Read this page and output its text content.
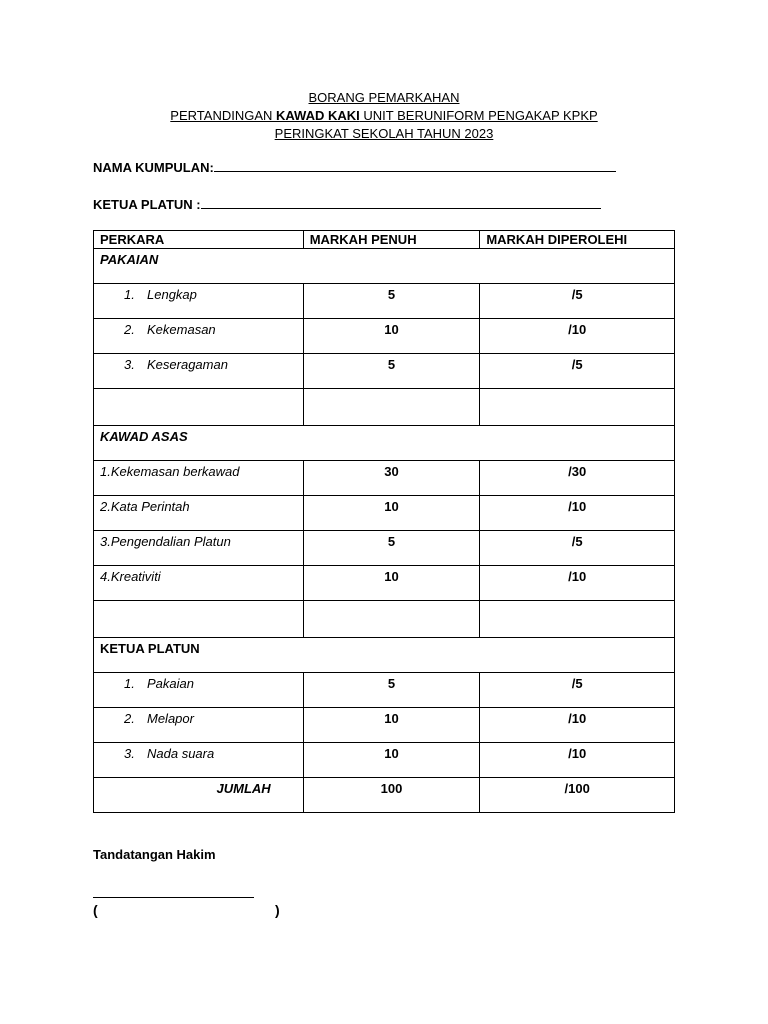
BORANG PEMARKAHAN
PERTANDINGAN KAWAD KAKI UNIT BERUNIFORM PENGAKAP KPKP
PERINGKAT SEKOLAH TAHUN 2023
NAMA KUMPULAN:
KETUA PLATUN :
PERKARA	MARKAH PENUH	MARKAH DIPEROLEHI

PAKAIAN		

1. Lengkap	5	/5

2. Kekemasan	10	/10

3. Keseragaman	5	/5

KAWAD ASAS		

1.Kekemasan berkawad	30	/30

2.Kata Perintah	10	/10

3.Pengendalian Platun	5	/5

4.Kreativiti	10	/10

KETUA PLATUN		

1. Pakaian	5	/5

2. Melapor	10	/10

3. Nada suara	10	/10

JUMLAH	100	/100
Tandatangan Hakim
(	)
